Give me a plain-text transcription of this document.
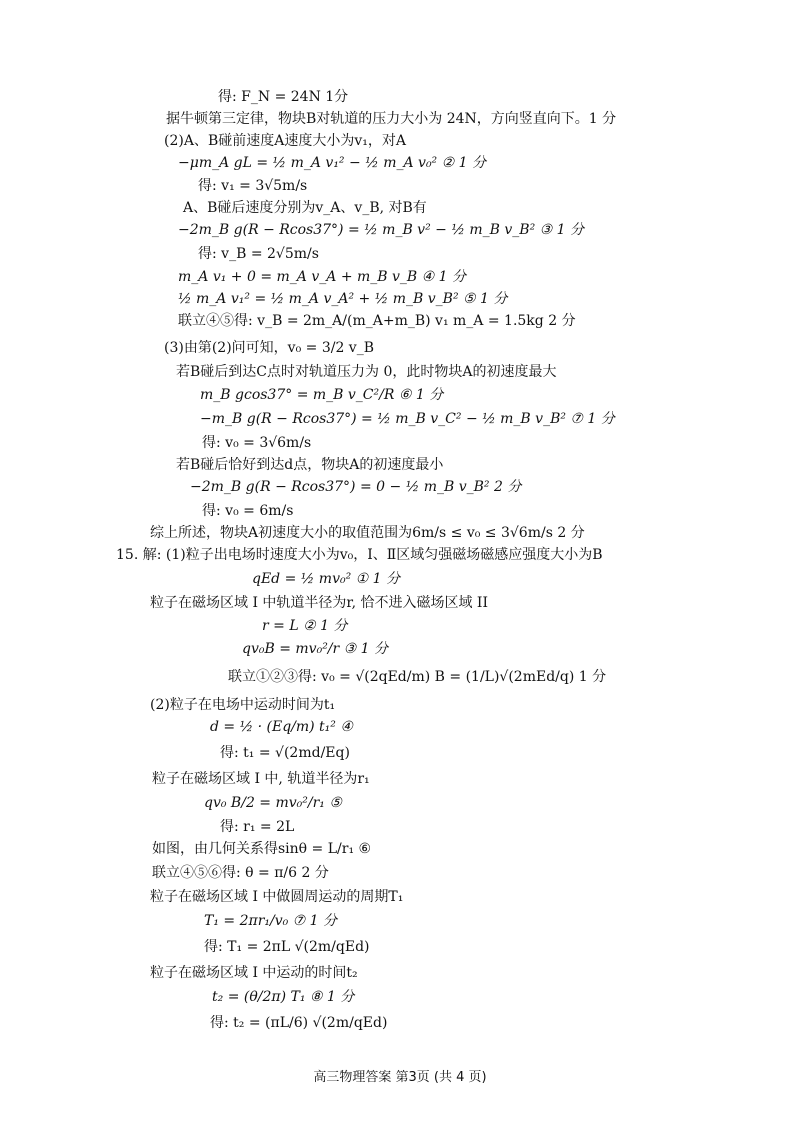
得: F_N = 24N 1分
据牛顿第三定律，物块B对轨道的压力大小为 24N，方向竖直向下。1 分
(2)A、B碰前速度A速度大小为v₁，对A
−μm_A gL = ½ m_A v₁² − ½ m_A v₀² ② 1 分
得: v₁ = 3√5m/s
A、B碰后速度分别为v_A、v_B, 对B有
−2m_B g(R − Rcos37°) = ½ m_B v² − ½ m_B v_B² ③ 1 分
得: v_B = 2√5m/s
m_A v₁ + 0 = m_A v_A + m_B v_B ④ 1 分
½ m_A v₁² = ½ m_A v_A² + ½ m_B v_B² ⑤ 1 分
联立④⑤得: v_B = 2m_A/(m_A+m_B) v₁ m_A = 1.5kg 2 分
(3)由第(2)问可知，v₀ = 3/2 v_B
若B碰后到达C点时对轨道压力为 0，此时物块A的初速度最大
m_B gcos37° = m_B v_C²/R ⑥ 1 分
−m_B g(R − Rcos37°) = ½ m_B v_C² − ½ m_B v_B² ⑦ 1 分
得: v₀ = 3√6m/s
若B碰后恰好到达d点，物块A的初速度最小
−2m_B g(R − Rcos37°) = 0 − ½ m_B v_B² 2 分
得: v₀ = 6m/s
综上所述，物块A初速度大小的取值范围为6m/s ≤ v₀ ≤ 3√6m/s 2 分
15. 解: (1)粒子出电场时速度大小为v₀，Ⅰ、Ⅱ区域匀强磁场磁感应强度大小为B
qEd = ½ mv₀² ① 1 分
粒子在磁场区域 I 中轨道半径为r, 恰不进入磁场区域 II
r = L ② 1 分
qv₀B = mv₀²/r ③ 1 分
联立①②③得: v₀ = √(2qEd/m) B = (1/L)√(2mEd/q) 1 分
(2)粒子在电场中运动时间为t₁
d = ½ · (Eq/m) t₁² ④
得: t₁ = √(2md/Eq)
粒子在磁场区域 I 中, 轨道半径为r₁
qv₀ B/2 = mv₀²/r₁ ⑤
得: r₁ = 2L
如图，由几何关系得sinθ = L/r₁ ⑥
联立④⑤⑥得: θ = π/6 2 分
粒子在磁场区域 I 中做圆周运动的周期T₁
T₁ = 2πr₁/v₀ ⑦ 1 分
得: T₁ = 2πL √(2m/qEd)
粒子在磁场区域 I 中运动的时间t₂
t₂ = (θ/2π) T₁ ⑧ 1 分
得: t₂ = (πL/6) √(2m/qEd)
高三物理答案 第3页 (共 4 页)
